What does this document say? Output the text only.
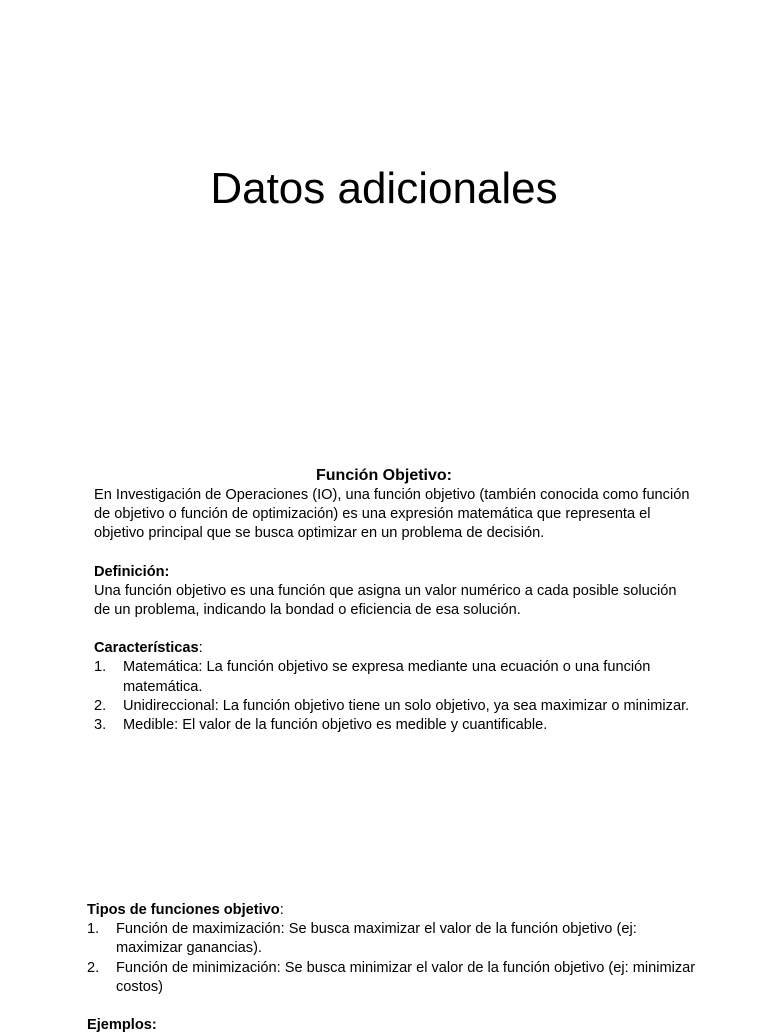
Datos adicionales

Función Objetivo:

En Investigación de Operaciones (IO), una función objetivo (también conocida como función de objetivo o función de optimización) es una expresión matemática que representa el objetivo principal que se busca optimizar en un problema de decisión.

Definición:

Una función objetivo es una función que asigna un valor numérico a cada posible solución de un problema, indicando la bondad o eficiencia de esa solución.

Características:

1. Matemática: La función objetivo se expresa mediante una ecuación o una función matemática.
2. Unidireccional: La función objetivo tiene un solo objetivo, ya sea maximizar o minimizar.
3. Medible: El valor de la función objetivo es medible y cuantificable.

Tipos de funciones objetivo:

1. Función de maximización: Se busca maximizar el valor de la función objetivo (ej: maximizar ganancias).
2. Función de minimización: Se busca minimizar el valor de la función objetivo (ej: minimizar costos)

Ejemplos:
